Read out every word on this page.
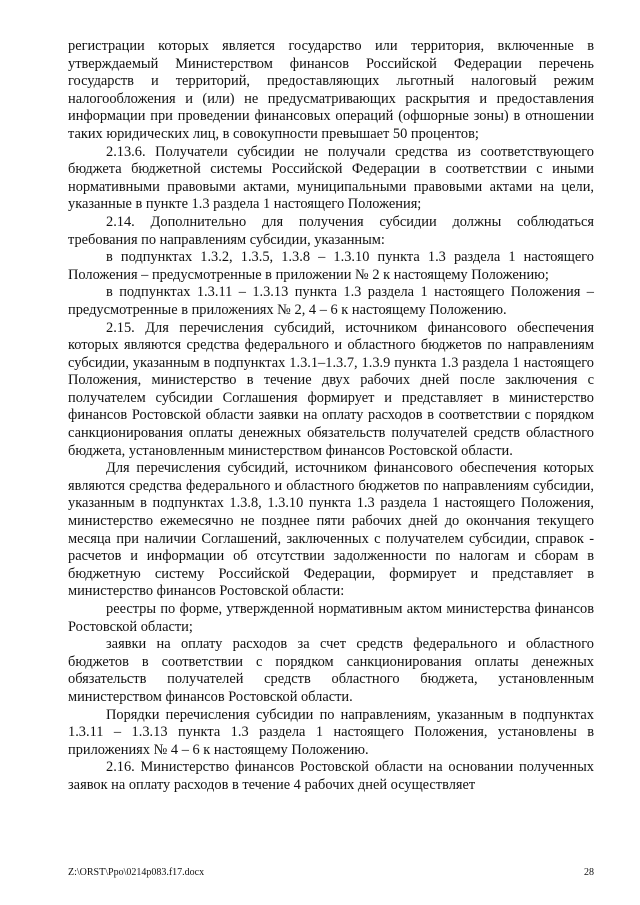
регистрации которых является государство или территория, включенные в утверждаемый Министерством финансов Российской Федерации перечень государств и территорий, предоставляющих льготный налоговый режим налогообложения и (или) не предусматривающих раскрытия и предоставления информации при проведении финансовых операций (офшорные зоны) в отношении таких юридических лиц, в совокупности превышает 50 процентов;

2.13.6. Получатели субсидии не получали средства из соответствующего бюджета бюджетной системы Российской Федерации в соответствии с иными нормативными правовыми актами, муниципальными правовыми актами на цели, указанные в пункте 1.3 раздела 1 настоящего Положения;

2.14. Дополнительно для получения субсидии должны соблюдаться требования по направлениям субсидии, указанным:

в подпунктах 1.3.2, 1.3.5, 1.3.8 – 1.3.10 пункта 1.3 раздела 1 настоящего Положения – предусмотренные в приложении № 2 к настоящему Положению;

в подпунктах 1.3.11 – 1.3.13 пункта 1.3 раздела 1 настоящего Положения – предусмотренные в приложениях № 2, 4 – 6 к настоящему Положению.

2.15. Для перечисления субсидий, источником финансового обеспечения которых являются средства федерального и областного бюджетов по направлениям субсидии, указанным в подпунктах 1.3.1–1.3.7, 1.3.9 пункта 1.3 раздела 1 настоящего Положения, министерство в течение двух рабочих дней после заключения с получателем субсидии Соглашения формирует и представляет в министерство финансов Ростовской области заявки на оплату расходов в соответствии с порядком санкционирования оплаты денежных обязательств получателей средств областного бюджета, установленным министерством финансов Ростовской области.

Для перечисления субсидий, источником финансового обеспечения которых являются средства федерального и областного бюджетов по направлениям субсидии, указанным в подпунктах 1.3.8, 1.3.10 пункта 1.3 раздела 1 настоящего Положения, министерство ежемесячно не позднее пяти рабочих дней до окончания текущего месяца при наличии Соглашений, заключенных с получателем субсидии, справок - расчетов и информации об отсутствии задолженности по налогам и сборам в бюджетную систему Российской Федерации, формирует и представляет в министерство финансов Ростовской области:

реестры по форме, утвержденной нормативным актом министерства финансов Ростовской области;

заявки на оплату расходов за счет средств федерального и областного бюджетов в соответствии с порядком санкционирования оплаты денежных обязательств получателей средств областного бюджета, установленным министерством финансов Ростовской области.

Порядки перечисления субсидии по направлениям, указанным в подпунктах 1.3.11 – 1.3.13 пункта 1.3 раздела 1 настоящего Положения, установлены в приложениях № 4 – 6 к настоящему Положению.

2.16. Министерство финансов Ростовской области на основании полученных заявок на оплату расходов в течение 4 рабочих дней осуществляет

Z:\ORST\Ppo\0214p083.f17.docx	28
